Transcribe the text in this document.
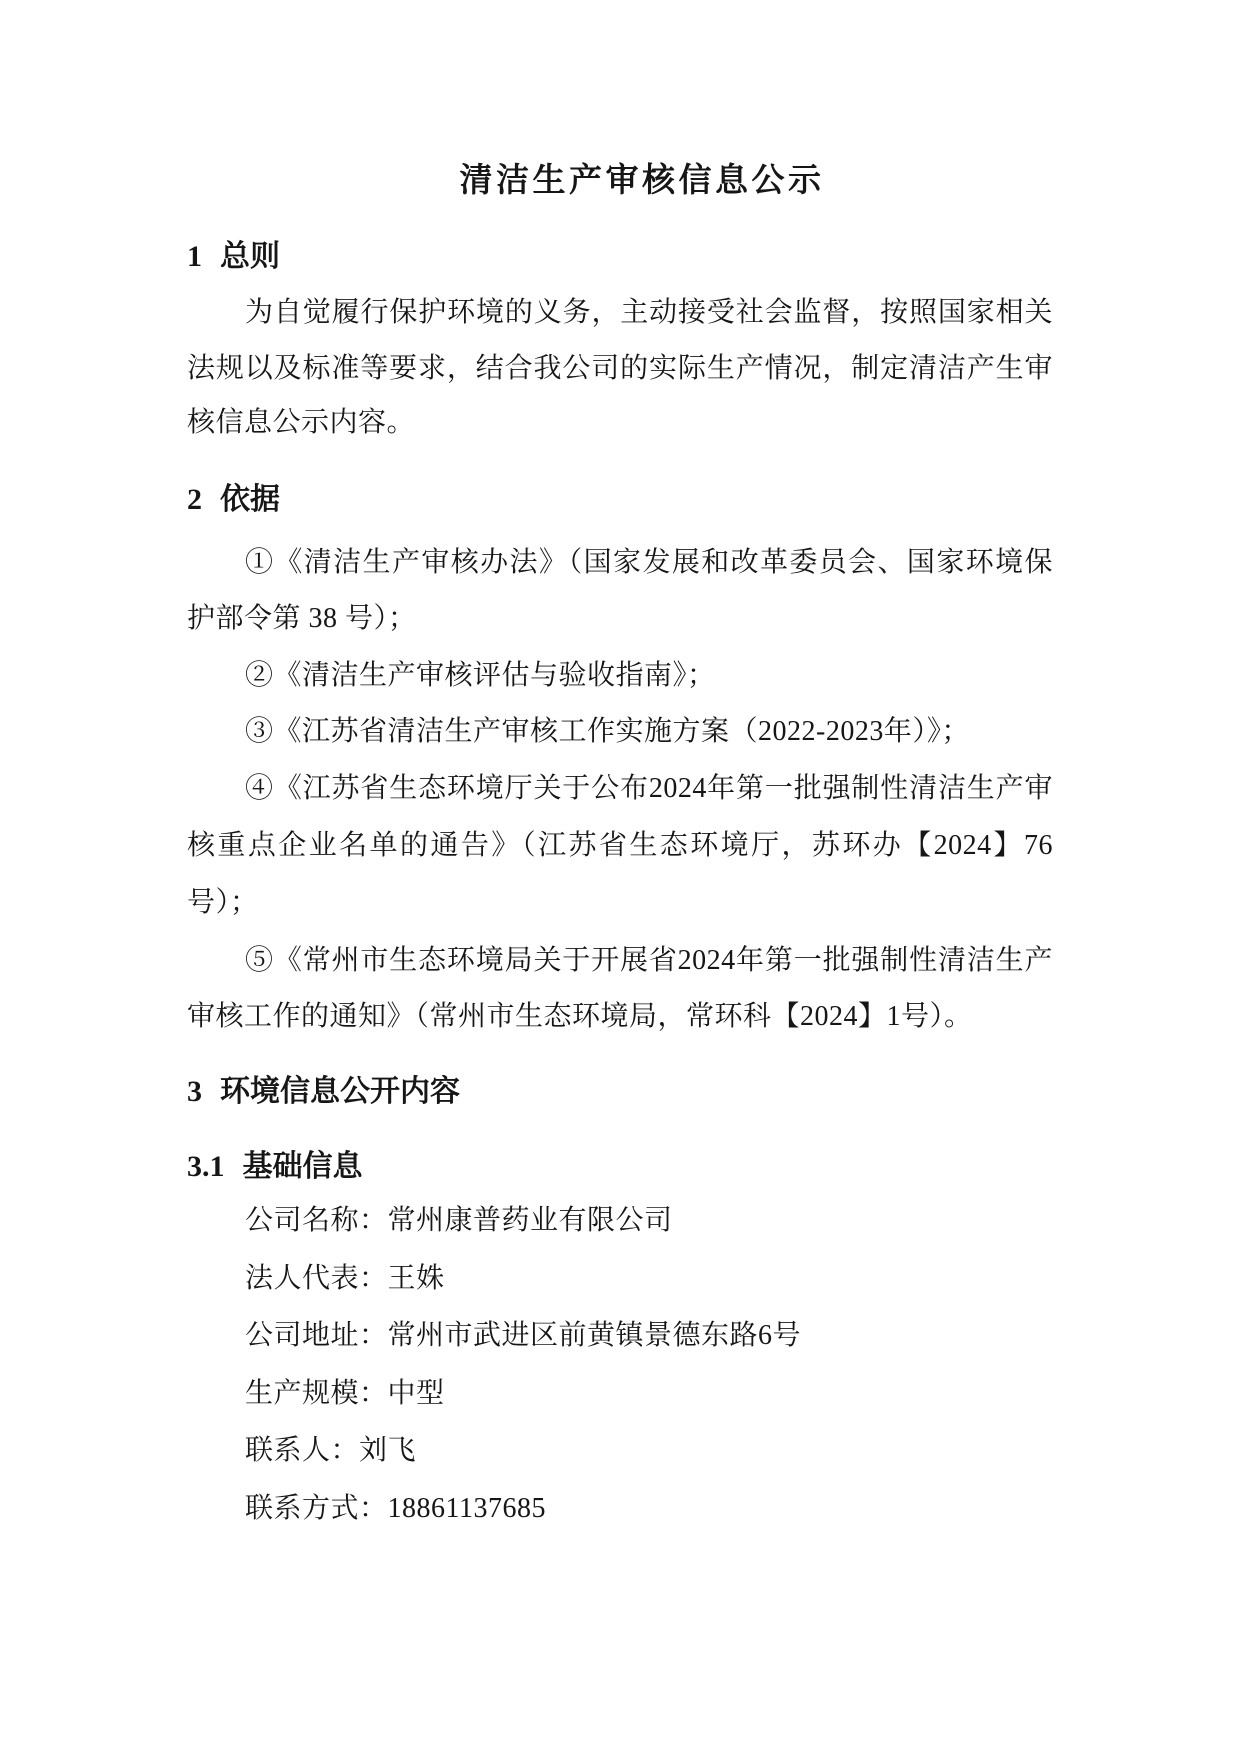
清洁生产审核信息公示
1 总则
为自觉履行保护环境的义务，主动接受社会监督，按照国家相关
法规以及标准等要求，结合我公司的实际生产情况，制定清洁产生审
核信息公示内容。
2 依据
①《清洁生产审核办法》（国家发展和改革委员会、国家环境保
护部令第 38 号）；
②《清洁生产审核评估与验收指南》；
③《江苏省清洁生产审核工作实施方案（2022-2023年）》；
④《江苏省生态环境厅关于公布2024年第一批强制性清洁生产审
核重点企业名单的通告》（江苏省生态环境厅，苏环办【2024】76
号）；
⑤《常州市生态环境局关于开展省2024年第一批强制性清洁生产
审核工作的通知》（常州市生态环境局，常环科【2024】1号）。
3 环境信息公开内容
3.1 基础信息
公司名称：常州康普药业有限公司
法人代表：王姝
公司地址：常州市武进区前黄镇景德东路6号
生产规模：中型
联系人：刘飞
联系方式：18861137685
